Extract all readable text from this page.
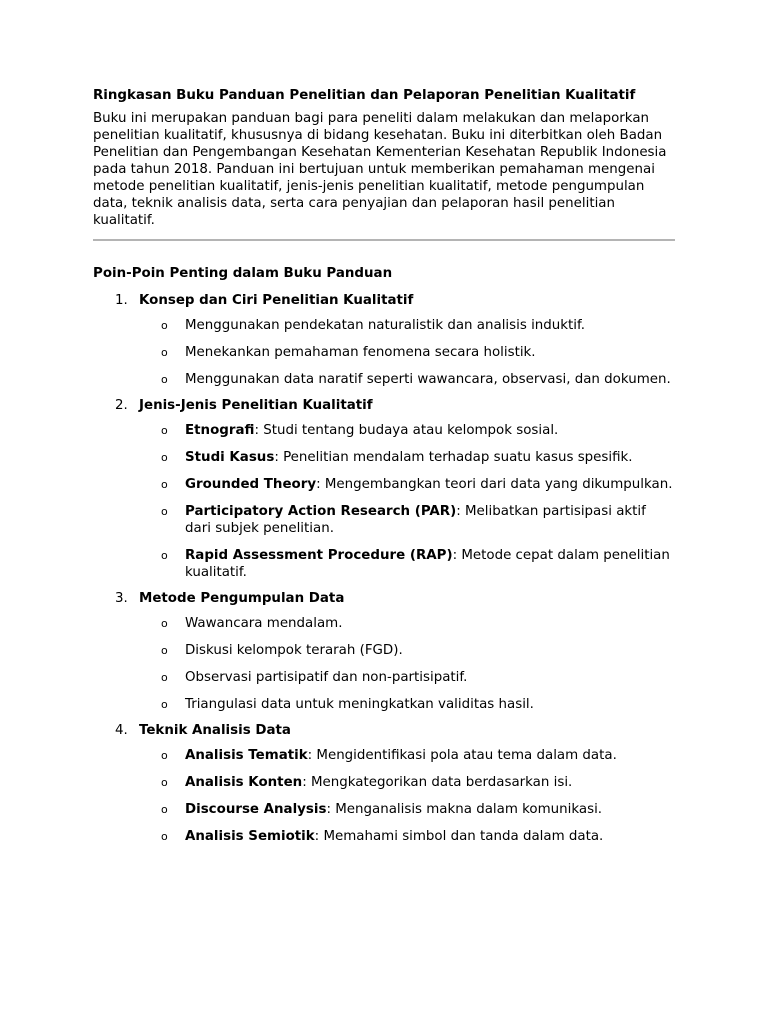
Ringkasan Buku Panduan Penelitian dan Pelaporan Penelitian Kualitatif

Buku ini merupakan panduan bagi para peneliti dalam melakukan dan melaporkan penelitian kualitatif, khususnya di bidang kesehatan. Buku ini diterbitkan oleh Badan Penelitian dan Pengembangan Kesehatan Kementerian Kesehatan Republik Indonesia pada tahun 2018. Panduan ini bertujuan untuk memberikan pemahaman mengenai metode penelitian kualitatif, jenis-jenis penelitian kualitatif, metode pengumpulan data, teknik analisis data, serta cara penyajian dan pelaporan hasil penelitian kualitatif.

Poin-Poin Penting dalam Buku Panduan
1. Konsep dan Ciri Penelitian Kualitatif
o Menggunakan pendekatan naturalistik dan analisis induktif.
o Menekankan pemahaman fenomena secara holistik.
o Menggunakan data naratif seperti wawancara, observasi, dan dokumen.
2. Jenis-Jenis Penelitian Kualitatif
o Etnografi: Studi tentang budaya atau kelompok sosial.
o Studi Kasus: Penelitian mendalam terhadap suatu kasus spesifik.
o Grounded Theory: Mengembangkan teori dari data yang dikumpulkan.
o Participatory Action Research (PAR): Melibatkan partisipasi aktif dari subjek penelitian.
o Rapid Assessment Procedure (RAP): Metode cepat dalam penelitian kualitatif.
3. Metode Pengumpulan Data
o Wawancara mendalam.
o Diskusi kelompok terarah (FGD).
o Observasi partisipatif dan non-partisipatif.
o Triangulasi data untuk meningkatkan validitas hasil.
4. Teknik Analisis Data
o Analisis Tematik: Mengidentifikasi pola atau tema dalam data.
o Analisis Konten: Mengkategorikan data berdasarkan isi.
o Discourse Analysis: Menganalisis makna dalam komunikasi.
o Analisis Semiotik: Memahami simbol dan tanda dalam data.
